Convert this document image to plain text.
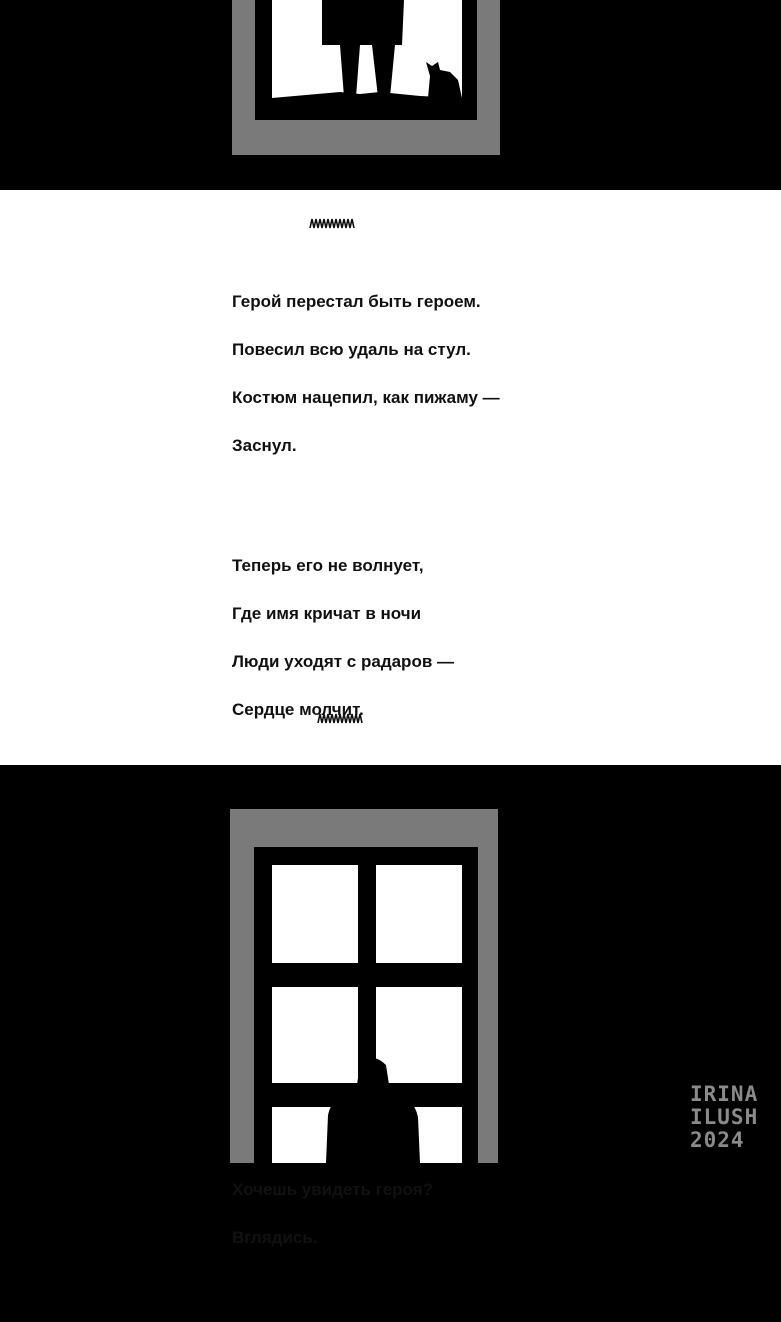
Герой перестал быть героем.

Повесил всю удаль на стул.

Костюм нацепил, как пижаму —

Заснул.

Теперь его не волнует,

Где имя кричат в ночи

Люди уходят с радаров —

Сердце молчит.

Хочешь увидеть героя?

Вглядись.

IRINA
ILUSH
2024
